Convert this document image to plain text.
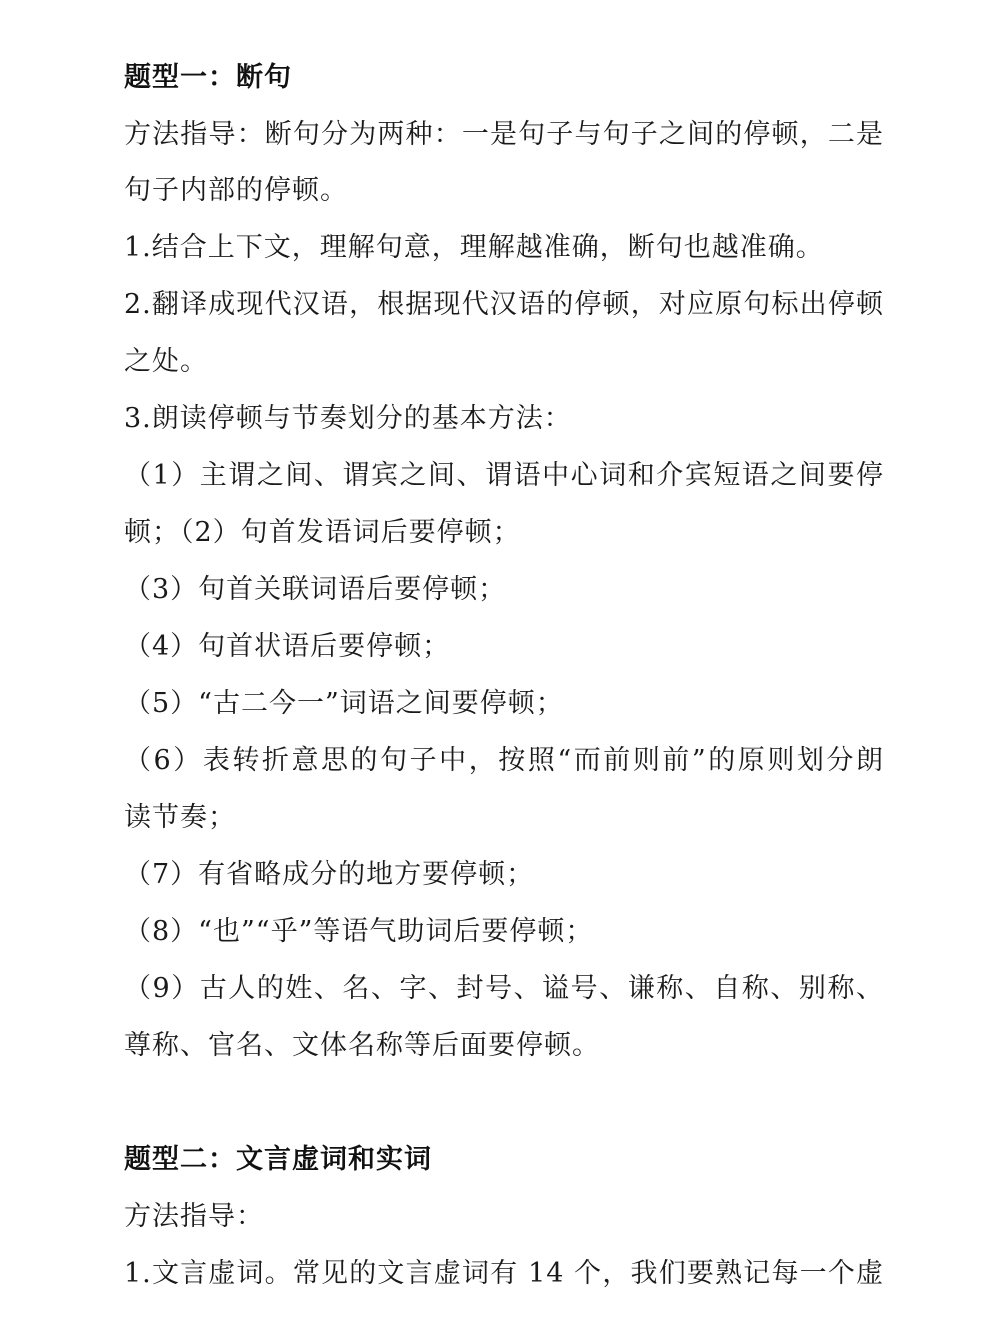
题型一：断句
方法指导：断句分为两种：一是句子与句子之间的停顿，二是
句子内部的停顿。
1.结合上下文，理解句意，理解越准确，断句也越准确。
2.翻译成现代汉语，根据现代汉语的停顿，对应原句标出停顿
之处。
3.朗读停顿与节奏划分的基本方法：
（1）主谓之间、谓宾之间、谓语中心词和介宾短语之间要停
顿；（2）句首发语词后要停顿；
（3）句首关联词语后要停顿；
（4）句首状语后要停顿；
（5）“古二今一”词语之间要停顿；
（6）表转折意思的句子中，按照“而前则前”的原则划分朗
读节奏；
（7）有省略成分的地方要停顿；
（8）“也”“乎”等语气助词后要停顿；
（9）古人的姓、名、字、封号、谥号、谦称、自称、别称、
尊称、官名、文体名称等后面要停顿。
题型二：文言虚词和实词
方法指导：
1.文言虚词。常见的文言虚词有 14 个，我们要熟记每一个虚
